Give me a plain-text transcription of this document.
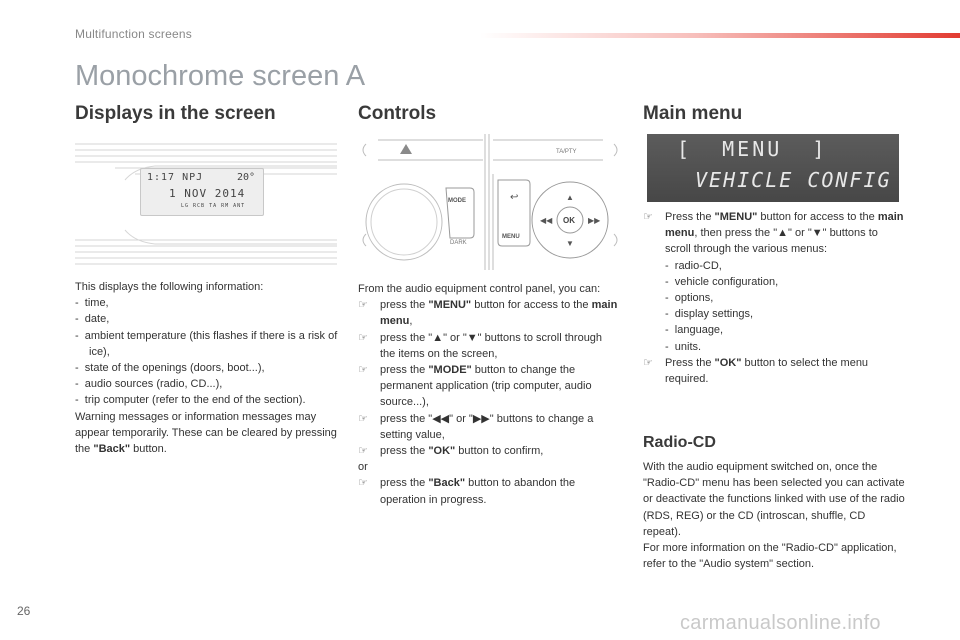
Multifunction screens
Monochrome screen A
Displays in the screen
1:17 NPJ	20°
1 NOV 2014
LG RCB TA RM ANT

This displays the following information:

-  time,

-  date,

-  ambient temperature (this flashes if there is a risk of ice),

-  state of the openings (doors, boot...),

-  audio sources (radio, CD...),

-  trip computer (refer to the end of the section).

Warning messages or information messages may appear temporarily. These can be cleared by pressing the "Back" button.

Controls
TA/PTY
MODE
DARK
MENU
↩
OK
▲
▼
◀◀	▶▶

From the audio equipment control panel, you can:

☞ press the "MENU" button for access to the main menu,

☞ press the "▲" or "▼" buttons to scroll through the items on the screen,

☞ press the "MODE" button to change the permanent application (trip computer, audio source...),

☞ press the "◀◀" or "▶▶" buttons to change a setting value,

☞ press the "OK" button to confirm,

or

☞ press the "Back" button to abandon the operation in progress.

Main menu
[  MENU  ]
VEHICLE CONFIG

☞ Press the "MENU" button for access to the main menu, then press the "▲" or "▼" buttons to scroll through the various menus:

-  radio-CD,

-  vehicle configuration,

-  options,

-  display settings,

-  language,

-  units.

☞ Press the "OK" button to select the menu required.

Radio-CD

With the audio equipment switched on, once the "Radio-CD" menu has been selected you can activate or deactivate the functions linked with use of the radio (RDS, REG) or the CD (introscan, shuffle, CD repeat).

For more information on the "Radio-CD" application, refer to the "Audio system" section.

26
carmanualsonline.info
